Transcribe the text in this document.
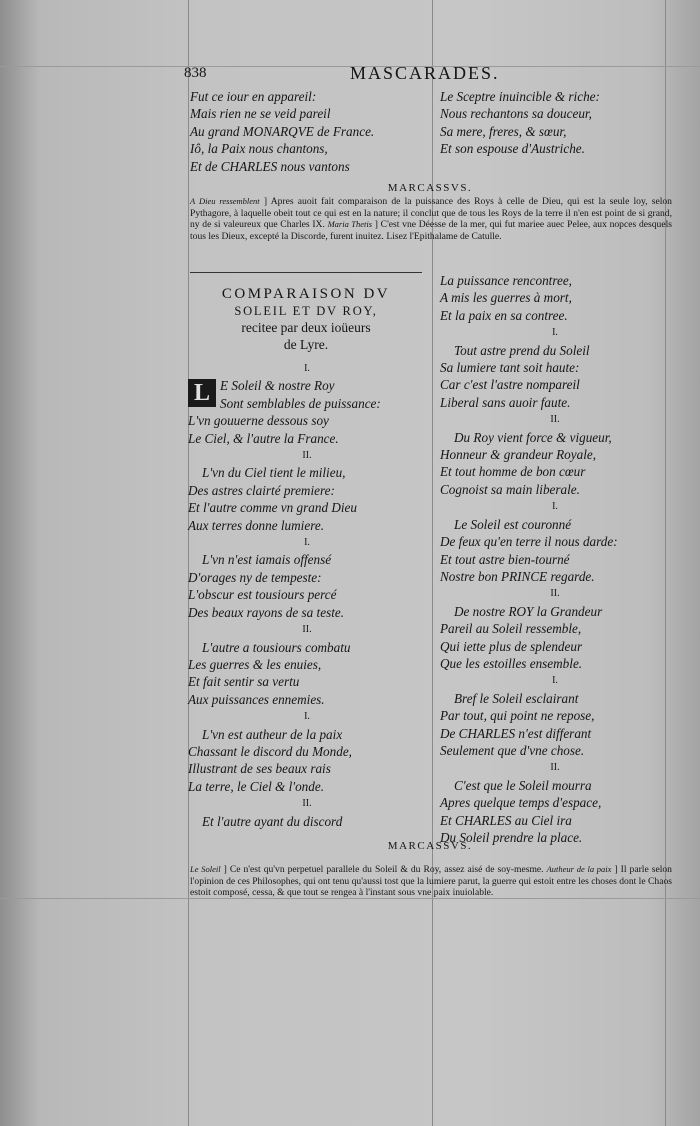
838	MASCARADES.
Fut ce iour en appareil:
Mais rien ne se veid pareil
Au grand MONARQVE de France.
Iô, la Paix nous chantons,
Et de CHARLES nous vantons
Le Sceptre inuincible & riche:
Nous rechantons sa douceur,
Sa mere, freres, & sœur,
Et son espouse d'Austriche.
MARCASSVS.
A Dieu ressemblent ] Apres auoit fait comparaison de la puissance des Roys à celle de Dieu, qui est la seule loy, selon Pythagore, à laquelle obeit tout ce qui est en la nature; il conclut que de tous les Roys de la terre il n'en est point de si grand, ny de si valeureux que Charles IX. Maria Thetis ] C'est vne Déesse de la mer, qui fut mariee auec Pelee, aux nopces desquels tous les Dieux, excepté la Discorde, furent inuitez. Lisez l'Epithalame de Catulle.
COMPARAISON DV
SOLEIL ET DV ROY,
recitee par deux ioüeurs
de Lyre.
I.
L E Soleil & nostre Roy
Sont semblables de puissance:
L'vn gouuerne dessous soy
Le Ciel, & l'autre la France.
II.
L'vn du Ciel tient le milieu,
Des astres clairté premiere:
Et l'autre comme vn grand Dieu
Aux terres donne lumiere.
I.
L'vn n'est iamais offensé
D'orages ny de tempeste:
L'obscur est tousiours percé
Des beaux rayons de sa teste.
II.
L'autre a tousiours combatu
Les guerres & les enuies,
Et fait sentir sa vertu
Aux puissances ennemies.
I.
L'vn est autheur de la paix
Chassant le discord du Monde,
Illustrant de ses beaux rais
La terre, le Ciel & l'onde.
II.
Et l'autre ayant du discord
La puissance rencontree,
A mis les guerres à mort,
Et la paix en sa contree.
I.
Tout astre prend du Soleil
Sa lumiere tant soit haute:
Car c'est l'astre nompareil
Liberal sans auoir faute.
II.
Du Roy vient force & vigueur,
Honneur & grandeur Royale,
Et tout homme de bon cœur
Cognoist sa main liberale.
I.
Le Soleil est couronné
De feux qu'en terre il nous darde:
Et tout astre bien-tourné
Nostre bon PRINCE regarde.
II.
De nostre ROY la Grandeur
Pareil au Soleil ressemble,
Qui iette plus de splendeur
Que les estoilles ensemble.
I.
Bref le Soleil esclairant
Par tout, qui point ne repose,
De CHARLES n'est differant
Seulement que d'vne chose.
II.
C'est que le Soleil mourra
Apres quelque temps d'espace,
Et CHARLES au Ciel ira
Du Soleil prendre la place.
MARCASSVS.
Le Soleil ] Ce n'est qu'vn perpetuel parallele du Soleil & du Roy, assez aisé de soy-mesme. Autheur de la paix ] Il parle selon l'opinion de ces Philosophes, qui ont tenu qu'aussi tost que la lumiere parut, la guerre qui estoit entre les choses dont le Chaos estoit composé, cessa, & que tout se rengea à l'instant sous vne paix inuiolable.
